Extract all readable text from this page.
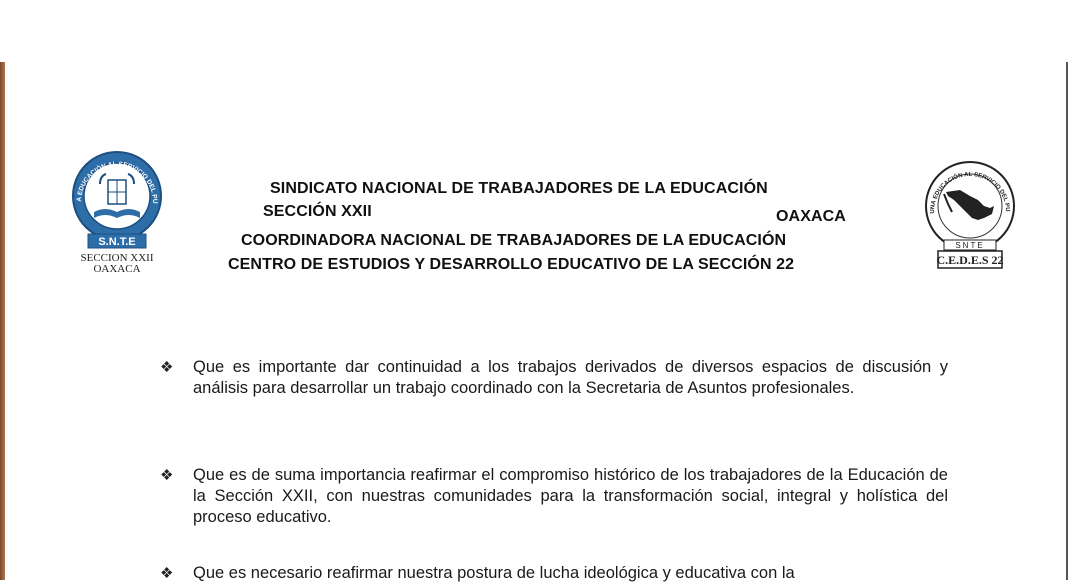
A EDUCACIÓN AL SERVICIO DEL PU
S.N.T.E
SECCION XXII
OAXACA
UNA EDUCACIÓN AL SERVICIO DEL PU
SNTE
C.E.D.E.S 22
SINDICATO NACIONAL DE TRABAJADORES DE LA EDUCACIÓN
SECCIÓN XXII	OAXACA
COORDINADORA NACIONAL DE TRABAJADORES DE LA EDUCACIÓN
CENTRO DE ESTUDIOS Y DESARROLLO EDUCATIVO DE LA SECCIÓN 22
❖	Que es importante dar continuidad a los trabajos derivados de diversos espacios de discusión y análisis para desarrollar un trabajo coordinado con la Secretaria de Asuntos profesionales.
❖	Que es de suma importancia reafirmar el compromiso histórico de los trabajadores de la Educación de la Sección XXII, con nuestras comunidades para la transformación social, integral y holística del proceso educativo.
❖	Que es necesario reafirmar nuestra postura de lucha ideológica y educativa con la
